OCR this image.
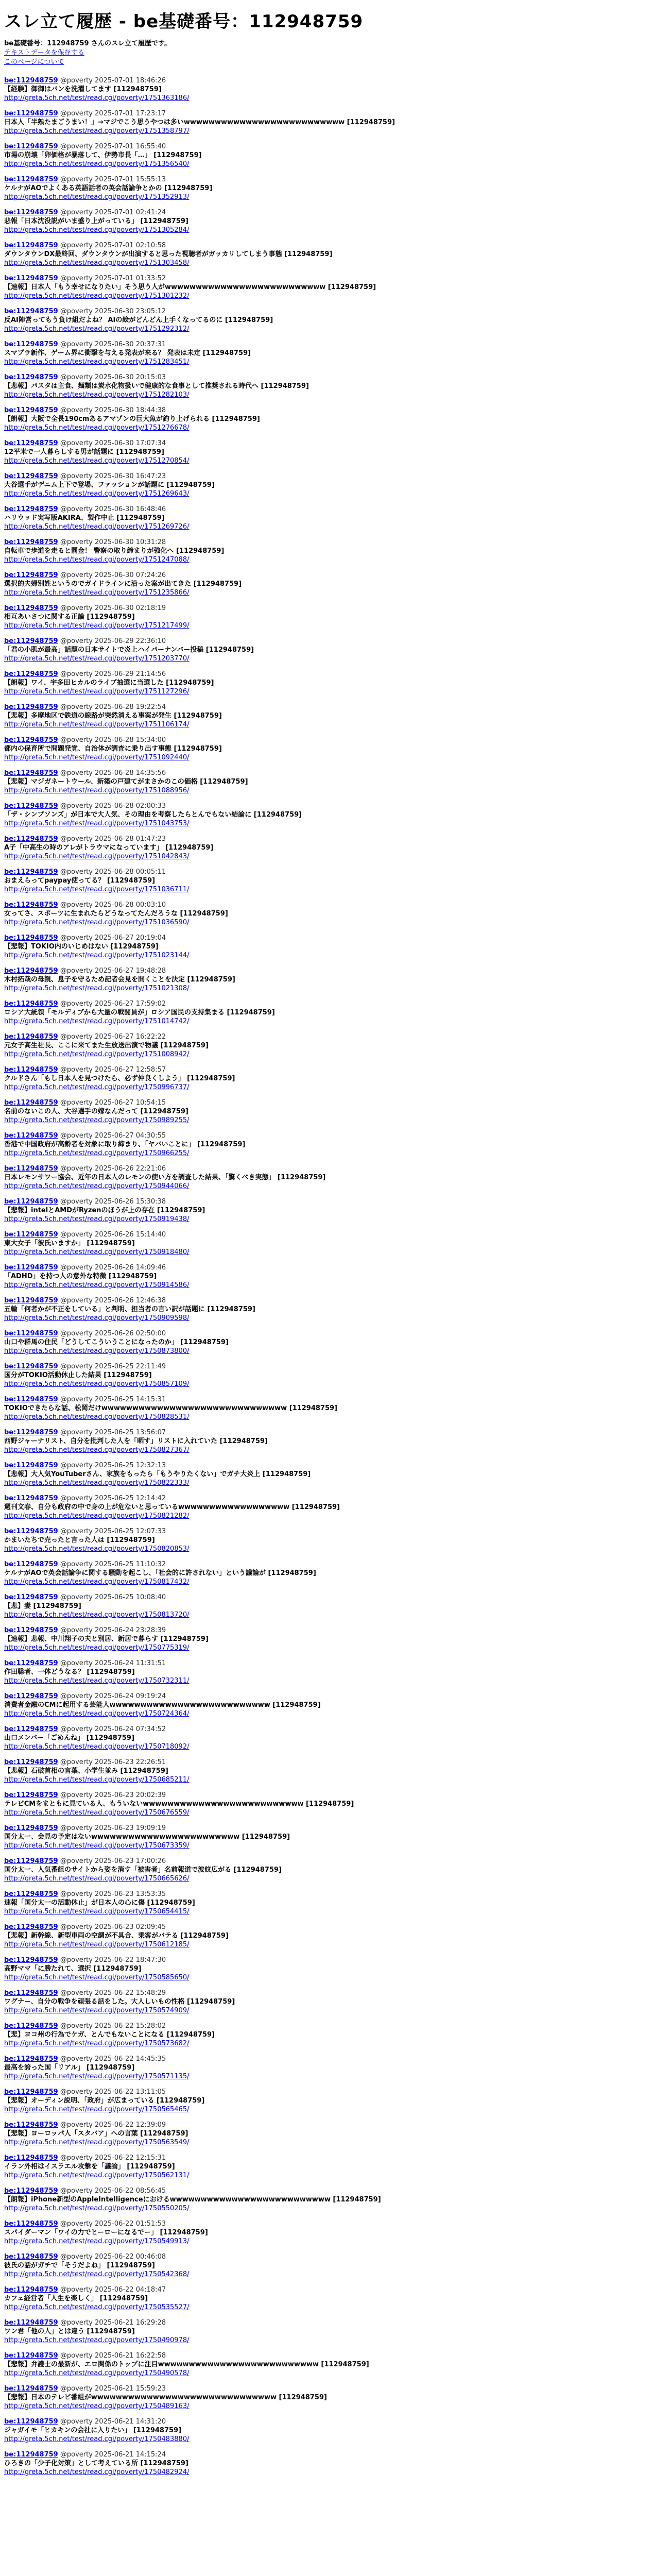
スレ立て履歴 - be基礎番号：112948759
be基礎番号：112948759 さんのスレ立て履歴です。
テキストデータを保存する
このページについて
be:112948759 @poverty 2025-07-01 18:46:26
【経験】御御はパンを洗濯してます [112948759]
http://greta.5ch.net/test/read.cgi/poverty/1751363186/
be:112948759 @poverty 2025-07-01 17:23:17
日本人「半熟たまごうまい！」→マジでこう思うやつは多いwwwwwwwwwwwwwwwwwwwwwwwwww [112948759]
http://greta.5ch.net/test/read.cgi/poverty/1751358797/
be:112948759 @poverty 2025-07-01 16:55:40
市場の崩壊「卵価格が暴落して、伊勢市長「…」 [112948759]
http://greta.5ch.net/test/read.cgi/poverty/1751356540/
be:112948759 @poverty 2025-07-01 15:55:13
ケルナがAOでよくある英語話者の英会話論争とかの [112948759]
http://greta.5ch.net/test/read.cgi/poverty/1751352913/
be:112948759 @poverty 2025-07-01 02:41:24
悲報「日本沈没説がいま盛り上がっている」 [112948759]
http://greta.5ch.net/test/read.cgi/poverty/1751305284/
be:112948759 @poverty 2025-07-01 02:10:58
ダウンタウンDX最終回、ダウンタウンが出演すると思った視聴者がガッカリしてしまう事態 [112948759]
http://greta.5ch.net/test/read.cgi/poverty/1751303458/
be:112948759 @poverty 2025-07-01 01:33:52
【速報】日本人「もう幸せになりたい」そう思う人がwwwwwwwwwwwwwwwwwwwwwwwwww [112948759]
http://greta.5ch.net/test/read.cgi/poverty/1751301232/
be:112948759 @poverty 2025-06-30 23:05:12
反AI陣営ってもう負け組だよね？ AIの絵がどんどん上手くなってるのに [112948759]
http://greta.5ch.net/test/read.cgi/poverty/1751292312/
be:112948759 @poverty 2025-06-30 20:37:31
スマブラ新作、ゲーム界に衝撃を与える発表が来る？ 発表は未定 [112948759]
http://greta.5ch.net/test/read.cgi/poverty/1751283451/
be:112948759 @poverty 2025-06-30 20:15:03
【悲報】パスタは主食、麺類は炭水化物扱いで健康的な食事として推奨される時代へ [112948759]
http://greta.5ch.net/test/read.cgi/poverty/1751282103/
be:112948759 @poverty 2025-06-30 18:44:38
【朗報】大阪で全長190cmあるアマゾンの巨大魚が釣り上げられる [112948759]
http://greta.5ch.net/test/read.cgi/poverty/1751276678/
be:112948759 @poverty 2025-06-30 17:07:34
12平米で一人暮らしする男が話題に [112948759]
http://greta.5ch.net/test/read.cgi/poverty/1751270854/
be:112948759 @poverty 2025-06-30 16:47:23
大谷選手がデニム上下で登場、ファッションが話題に [112948759]
http://greta.5ch.net/test/read.cgi/poverty/1751269643/
be:112948759 @poverty 2025-06-30 16:48:46
ハリウッド実写版AKIRA、製作中止 [112948759]
http://greta.5ch.net/test/read.cgi/poverty/1751269726/
be:112948759 @poverty 2025-06-30 10:31:28
自転車で歩道を走ると罰金！ 警察の取り締まりが強化へ [112948759]
http://greta.5ch.net/test/read.cgi/poverty/1751247088/
be:112948759 @poverty 2025-06-30 07:24:26
選択的夫婦別姓というのでガイドラインに沿った案が出てきた [112948759]
http://greta.5ch.net/test/read.cgi/poverty/1751235866/
be:112948759 @poverty 2025-06-30 02:18:19
相互あいさつに関する正論 [112948759]
http://greta.5ch.net/test/read.cgi/poverty/1751217499/
be:112948759 @poverty 2025-06-29 22:36:10
「君の小肌が最高」話題の日本サイトで炎上ハイパーナンバー投稿 [112948759]
http://greta.5ch.net/test/read.cgi/poverty/1751203770/
be:112948759 @poverty 2025-06-29 21:14:56
【朗報】ワイ、宇多田ヒカルのライブ抽選に当選した [112948759]
http://greta.5ch.net/test/read.cgi/poverty/1751127296/
be:112948759 @poverty 2025-06-28 19:22:54
【悲報】多摩地区で鉄道の線路が突然消える事案が発生 [112948759]
http://greta.5ch.net/test/read.cgi/poverty/1751106174/
be:112948759 @poverty 2025-06-28 15:34:00
都内の保育所で問題発覚、自治体が調査に乗り出す事態 [112948759]
http://greta.5ch.net/test/read.cgi/poverty/1751092440/
be:112948759 @poverty 2025-06-28 14:35:56
【悲報】マジガネートウール、新築の戸建てがまさかのこの価格 [112948759]
http://greta.5ch.net/test/read.cgi/poverty/1751088956/
be:112948759 @poverty 2025-06-28 02:00:33
「ザ・シンプソンズ」が日本で大人気、その理由を考察したらとんでもない結論に [112948759]
http://greta.5ch.net/test/read.cgi/poverty/1751043753/
be:112948759 @poverty 2025-06-28 01:47:23
A子「中高生の時のアレがトラウマになっています」 [112948759]
http://greta.5ch.net/test/read.cgi/poverty/1751042843/
be:112948759 @poverty 2025-06-28 00:05:11
おまえらってpaypay使ってる？ [112948759]
http://greta.5ch.net/test/read.cgi/poverty/1751036711/
be:112948759 @poverty 2025-06-28 00:03:10
女ってさ、スポーツに生まれたらどうなってたんだろうな [112948759]
http://greta.5ch.net/test/read.cgi/poverty/1751036590/
be:112948759 @poverty 2025-06-27 20:19:04
【悲報】TOKIO内のいじめはない [112948759]
http://greta.5ch.net/test/read.cgi/poverty/1751023144/
be:112948759 @poverty 2025-06-27 19:48:28
木村拓哉の母親、息子を守るため記者会見を開くことを決定 [112948759]
http://greta.5ch.net/test/read.cgi/poverty/1751021308/
be:112948759 @poverty 2025-06-27 17:59:02
ロシア大統領「モルディブから大量の戦闘員が」ロシア国民の支持集まる [112948759]
http://greta.5ch.net/test/read.cgi/poverty/1751014742/
be:112948759 @poverty 2025-06-27 16:22:22
元女子高生社長、ここに来てまた生放送出演で物議 [112948759]
http://greta.5ch.net/test/read.cgi/poverty/1751008942/
be:112948759 @poverty 2025-06-27 12:58:57
クルドさん「もし日本人を見つけたら、必ず仲良くしよう」 [112948759]
http://greta.5ch.net/test/read.cgi/poverty/1750996737/
be:112948759 @poverty 2025-06-27 10:54:15
名前のないこの人、大谷選手の嫁なんだって [112948759]
http://greta.5ch.net/test/read.cgi/poverty/1750989255/
be:112948759 @poverty 2025-06-27 04:30:55
香港で中国政府が高齢者を対象に取り締まり、「ヤバいことに」 [112948759]
http://greta.5ch.net/test/read.cgi/poverty/1750966255/
be:112948759 @poverty 2025-06-26 22:21:06
日本レモンサワー協会、近年の日本人のレモンの使い方を調査した結果、「驚くべき実態」 [112948759]
http://greta.5ch.net/test/read.cgi/poverty/1750944066/
be:112948759 @poverty 2025-06-26 15:30:38
【悲報】intelとAMDがRyzenのほうが上の存在 [112948759]
http://greta.5ch.net/test/read.cgi/poverty/1750919438/
be:112948759 @poverty 2025-06-26 15:14:40
東大女子「彼氏いますか」 [112948759]
http://greta.5ch.net/test/read.cgi/poverty/1750918480/
be:112948759 @poverty 2025-06-26 14:09:46
「ADHD」を持つ人の意外な特徴 [112948759]
http://greta.5ch.net/test/read.cgi/poverty/1750914586/
be:112948759 @poverty 2025-06-26 12:46:38
五輪「何者かが不正をしている」と判明、担当者の言い訳が話題に [112948759]
http://greta.5ch.net/test/read.cgi/poverty/1750909598/
be:112948759 @poverty 2025-06-26 02:50:00
山口や群馬の住民「どうしてこういうことになったのか」 [112948759]
http://greta.5ch.net/test/read.cgi/poverty/1750873800/
be:112948759 @poverty 2025-06-25 22:11:49
国分がTOKIO活動休止した結果 [112948759]
http://greta.5ch.net/test/read.cgi/poverty/1750857109/
be:112948759 @poverty 2025-06-25 14:15:31
TOKIOできたらな話、松岡だけwwwwwwwwwwwwwwwwwwwwwwwwwwwwww [112948759]
http://greta.5ch.net/test/read.cgi/poverty/1750828531/
be:112948759 @poverty 2025-06-25 13:56:07
西野ジャーナリスト、自分を批判した人を「晒す」リストに入れていた [112948759]
http://greta.5ch.net/test/read.cgi/poverty/1750827367/
be:112948759 @poverty 2025-06-25 12:32:13
【悲報】大人気YouTuberさん、家族をもったら「もうやりたくない」でガチ大炎上 [112948759]
http://greta.5ch.net/test/read.cgi/poverty/1750822333/
be:112948759 @poverty 2025-06-25 12:14:42
週刊文春、自分も政府の中で身の上が危ないと思っているwwwwwwwwwwwwwwwwww [112948759]
http://greta.5ch.net/test/read.cgi/poverty/1750821282/
be:112948759 @poverty 2025-06-25 12:07:33
かまいたちで売ったと言った人は [112948759]
http://greta.5ch.net/test/read.cgi/poverty/1750820853/
be:112948759 @poverty 2025-06-25 11:10:32
ケルナがAOで英会話論争に関する騒動を起こし、「社会的に許されない」という議論が [112948759]
http://greta.5ch.net/test/read.cgi/poverty/1750817432/
be:112948759 @poverty 2025-06-25 10:08:40
【悲】妻 [112948759]
http://greta.5ch.net/test/read.cgi/poverty/1750813720/
be:112948759 @poverty 2025-06-24 23:28:39
【速報】悲報、中川翔子の夫と別居、新居で暮らす [112948759]
http://greta.5ch.net/test/read.cgi/poverty/1750775319/
be:112948759 @poverty 2025-06-24 11:31:51
作田聡者、一体どうなる？ [112948759]
http://greta.5ch.net/test/read.cgi/poverty/1750732311/
be:112948759 @poverty 2025-06-24 09:19:24
消費者金融のCMに起用する芸能人wwwwwwwwwwwwwwwwwwwwwwwwww [112948759]
http://greta.5ch.net/test/read.cgi/poverty/1750724364/
be:112948759 @poverty 2025-06-24 07:34:52
山口メンバー「ごめんね」 [112948759]
http://greta.5ch.net/test/read.cgi/poverty/1750718092/
be:112948759 @poverty 2025-06-23 22:26:51
【悲報】石破首相の言葉、小学生並み [112948759]
http://greta.5ch.net/test/read.cgi/poverty/1750685211/
be:112948759 @poverty 2025-06-23 20:02:39
テレビCMをまともに見ている人、もういないwwwwwwwwwwwwwwwwwwwwwwwwww [112948759]
http://greta.5ch.net/test/read.cgi/poverty/1750676559/
be:112948759 @poverty 2025-06-23 19:09:19
国分太一、会見の予定はないwwwwwwwwwwwwwwwwwwwwwwww [112948759]
http://greta.5ch.net/test/read.cgi/poverty/1750673359/
be:112948759 @poverty 2025-06-23 17:00:26
国分太一、人気番組のサイトから姿を消す「被害者」名前報道で波紋広がる [112948759]
http://greta.5ch.net/test/read.cgi/poverty/1750665626/
be:112948759 @poverty 2025-06-23 13:53:35
速報「国分太一の活動休止」が日本人の心に傷 [112948759]
http://greta.5ch.net/test/read.cgi/poverty/1750654415/
be:112948759 @poverty 2025-06-23 02:09:45
【悲報】新幹線、新型車両の空調が不具合、乗客がバテる [112948759]
http://greta.5ch.net/test/read.cgi/poverty/1750612185/
be:112948759 @poverty 2025-06-22 18:47:30
高野ママ「に勝たれて、選択 [112948759]
http://greta.5ch.net/test/read.cgi/poverty/1750585650/
be:112948759 @poverty 2025-06-22 15:48:29
ワグナー、自分の戦争を頑張る話をした。大人しいもの性格 [112948759]
http://greta.5ch.net/test/read.cgi/poverty/1750574909/
be:112948759 @poverty 2025-06-22 15:28:02
【悲】ヨコ州の行為でケガ、とんでもないことになる [112948759]
http://greta.5ch.net/test/read.cgi/poverty/1750573682/
be:112948759 @poverty 2025-06-22 14:45:35
最高を誇った国「リアル」 [112948759]
http://greta.5ch.net/test/read.cgi/poverty/1750571135/
be:112948759 @poverty 2025-06-22 13:11:05
【悲報】オーディン説明、「政府」が広まっている [112948759]
http://greta.5ch.net/test/read.cgi/poverty/1750565465/
be:112948759 @poverty 2025-06-22 12:39:09
【悲報】ヨーロッパ人「スタバア」への言葉 [112948759]
http://greta.5ch.net/test/read.cgi/poverty/1750563549/
be:112948759 @poverty 2025-06-22 12:15:31
イラン外相はイスラエル攻撃を「議論」 [112948759]
http://greta.5ch.net/test/read.cgi/poverty/1750562131/
be:112948759 @poverty 2025-06-22 08:56:45
【朗報】iPhone新型のAppleIntelligenceにおけるwwwwwwwwwwwwwwwwwwwwwwwwww [112948759]
http://greta.5ch.net/test/read.cgi/poverty/1750550205/
be:112948759 @poverty 2025-06-22 01:51:53
スパイダーマン「ワイの力でヒーローになるでー」 [112948759]
http://greta.5ch.net/test/read.cgi/poverty/1750549913/
be:112948759 @poverty 2025-06-22 00:46:08
彼氏の話がガチで「そうだよね」 [112948759]
http://greta.5ch.net/test/read.cgi/poverty/1750542368/
be:112948759 @poverty 2025-06-22 04:18:47
カフェ経営者「人生を楽しく」 [112948759]
http://greta.5ch.net/test/read.cgi/poverty/1750535527/
be:112948759 @poverty 2025-06-21 16:29:28
ワン君「他の人」とは違う [112948759]
http://greta.5ch.net/test/read.cgi/poverty/1750490978/
be:112948759 @poverty 2025-06-21 16:22:58
【悲報】弁護士の最新が、エロ関係のトップに注目wwwwwwwwwwwwwwwwwwwwwwwwww [112948759]
http://greta.5ch.net/test/read.cgi/poverty/1750490578/
be:112948759 @poverty 2025-06-21 15:59:23
【悲報】日本のテレビ番組がwwwwwwwwwwwwwwwwwwwwwwwwwwwwww [112948759]
http://greta.5ch.net/test/read.cgi/poverty/1750489163/
be:112948759 @poverty 2025-06-21 14:31:20
ジャガイモ「ヒカキンの会社に入りたい」 [112948759]
http://greta.5ch.net/test/read.cgi/poverty/1750483880/
be:112948759 @poverty 2025-06-21 14:15:24
ひろきの「少子化対策」として考えている所 [112948759]
http://greta.5ch.net/test/read.cgi/poverty/1750482924/
